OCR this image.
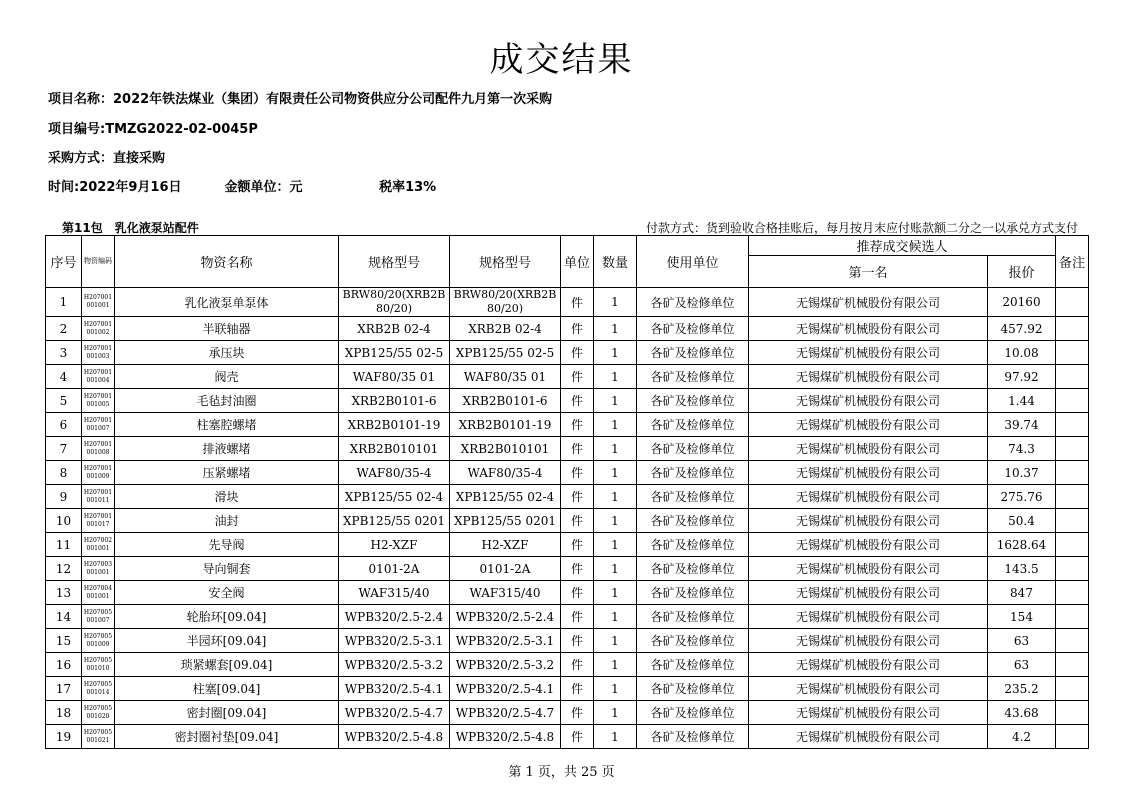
成交结果
项目名称：2022年铁法煤业（集团）有限责任公司物资供应分公司配件九月第一次采购
项目编号:TMZG2022-02-0045P
采购方式：直接采购
时间:2022年9月16日	金额单位：元	税率13%
第11包　乳化液泵站配件	付款方式：货到验收合格挂账后，每月按月末应付账款额二分之一以承兑方式支付
序号	物资编码	物资名称	规格型号	规格型号	单位	数量	使用单位	推荐成交候选人		备注
								第一名	报价	
1	H207001 001001	乳化液泵单泵体	BRW80/20(XRB2B 80/20)	BRW80/20(XRB2B 80/20)	件	1	各矿及检修单位	无锡煤矿机械股份有限公司	20160	
2	H207001 001002	半联轴器	XRB2B 02-4	XRB2B 02-4	件	1	各矿及检修单位	无锡煤矿机械股份有限公司	457.92	
3	H207001 001003	承压块	XPB125/55 02-5	XPB125/55 02-5	件	1	各矿及检修单位	无锡煤矿机械股份有限公司	10.08	
4	H207001 001004	阀壳	WAF80/35 01	WAF80/35 01	件	1	各矿及检修单位	无锡煤矿机械股份有限公司	97.92	
5	H207001 001005	毛毡封油圈	XRB2B0101-6	XRB2B0101-6	件	1	各矿及检修单位	无锡煤矿机械股份有限公司	1.44	
6	H207001 001007	柱塞腔螺堵	XRB2B0101-19	XRB2B0101-19	件	1	各矿及检修单位	无锡煤矿机械股份有限公司	39.74	
7	H207001 001008	排液螺堵	XRB2B010101	XRB2B010101	件	1	各矿及检修单位	无锡煤矿机械股份有限公司	74.3	
8	H207001 001009	压紧螺堵	WAF80/35-4	WAF80/35-4	件	1	各矿及检修单位	无锡煤矿机械股份有限公司	10.37	
9	H207001 001011	滑块	XPB125/55 02-4	XPB125/55 02-4	件	1	各矿及检修单位	无锡煤矿机械股份有限公司	275.76	
10	H207001 001017	油封	XPB125/55 0201	XPB125/55 0201	件	1	各矿及检修单位	无锡煤矿机械股份有限公司	50.4	
11	H207002 001001	先导阀	H2-XZF	H2-XZF	件	1	各矿及检修单位	无锡煤矿机械股份有限公司	1628.64	
12	H207003 001001	导向铜套	0101-2A	0101-2A	件	1	各矿及检修单位	无锡煤矿机械股份有限公司	143.5	
13	H207004 001001	安全阀	WAF315/40	WAF315/40	件	1	各矿及检修单位	无锡煤矿机械股份有限公司	847	
14	H207005 001007	轮胎环[09.04]	WPB320/2.5-2.4	WPB320/2.5-2.4	件	1	各矿及检修单位	无锡煤矿机械股份有限公司	154	
15	H207005 001009	半园环[09.04]	WPB320/2.5-3.1	WPB320/2.5-3.1	件	1	各矿及检修单位	无锡煤矿机械股份有限公司	63	
16	H207005 001010	琐紧螺套[09.04]	WPB320/2.5-3.2	WPB320/2.5-3.2	件	1	各矿及检修单位	无锡煤矿机械股份有限公司	63	
17	H207005 001014	柱塞[09.04]	WPB320/2.5-4.1	WPB320/2.5-4.1	件	1	各矿及检修单位	无锡煤矿机械股份有限公司	235.2	
18	H207005 001020	密封圈[09.04]	WPB320/2.5-4.7	WPB320/2.5-4.7	件	1	各矿及检修单位	无锡煤矿机械股份有限公司	43.68	
19	H207005 001021	密封圈衬垫[09.04]	WPB320/2.5-4.8	WPB320/2.5-4.8	件	1	各矿及检修单位	无锡煤矿机械股份有限公司	4.2	
第 1 页，共 25 页
